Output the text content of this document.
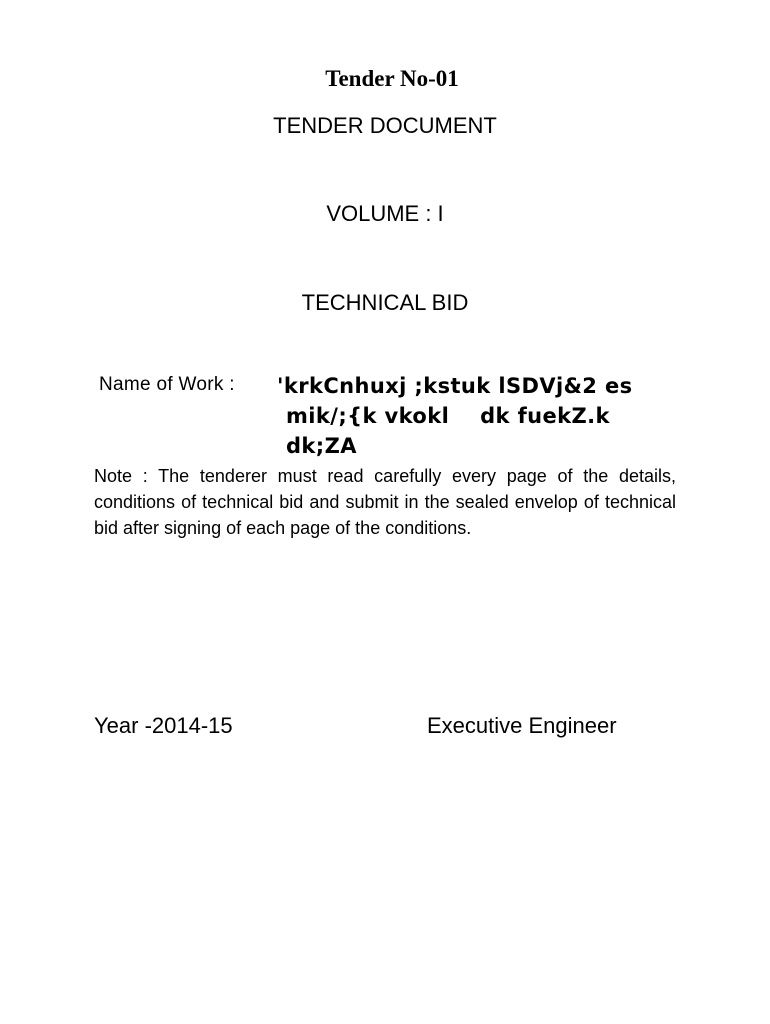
Tender No-01
TENDER DOCUMENT
VOLUME : I
TECHNICAL BID
Name of Work : 'krkCnhuxj ;kstuk lSDVj&2 es
mik/;{k vkokl    dk fuekZ.k
dk;ZA
Note : The tenderer must read carefully every page of the details, conditions of technical bid and submit in the sealed envelop of technical bid after signing of each page of the conditions.
Year -2014-15	Executive Engineer
